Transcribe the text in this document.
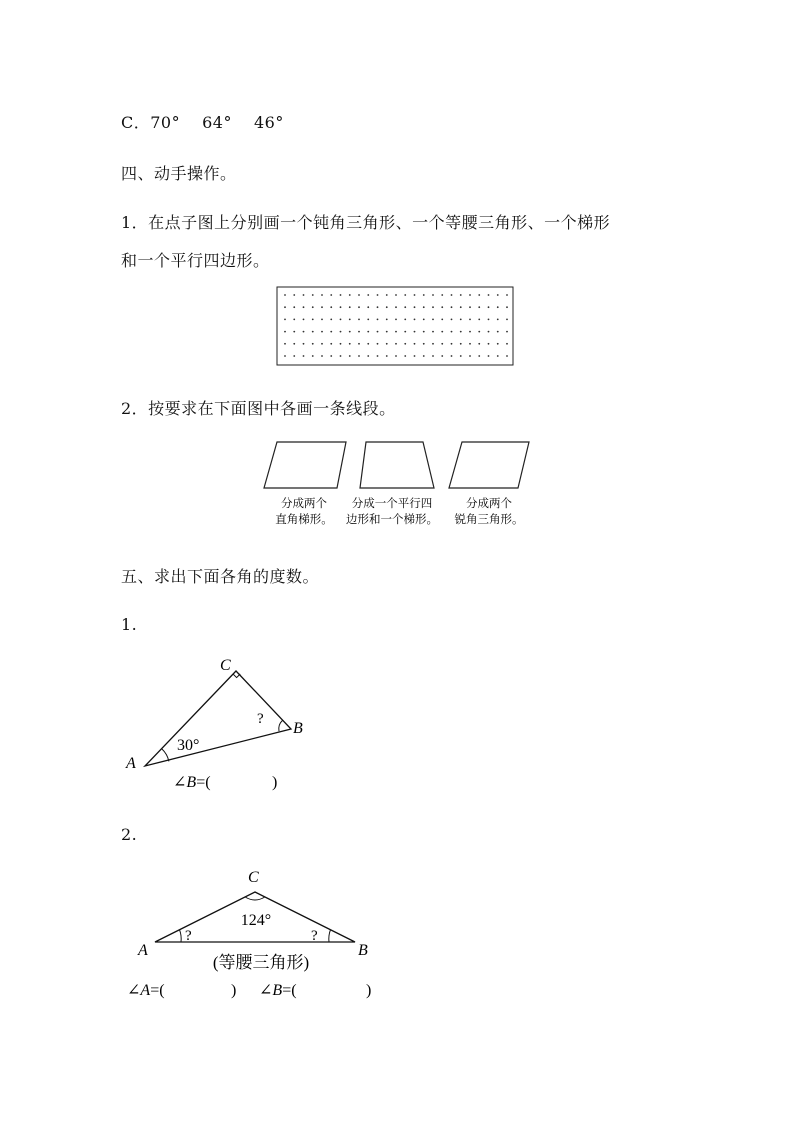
C．70° 64° 46°
四、动手操作。
1．在点子图上分别画一个钝角三角形、一个等腰三角形、一个梯形
和一个平行四边形。
2．按要求在下面图中各画一条线段。
分成两个
直角梯形。
分成一个平行四
边形和一个梯形。
分成两个
锐角三角形。
五、求出下面各角的度数。
1.
C
B
A
30°
?
∠B=(	)
2.
C
A	B
124°
?	?
(等腰三角形)
∠A=(	) ∠B=(	)
